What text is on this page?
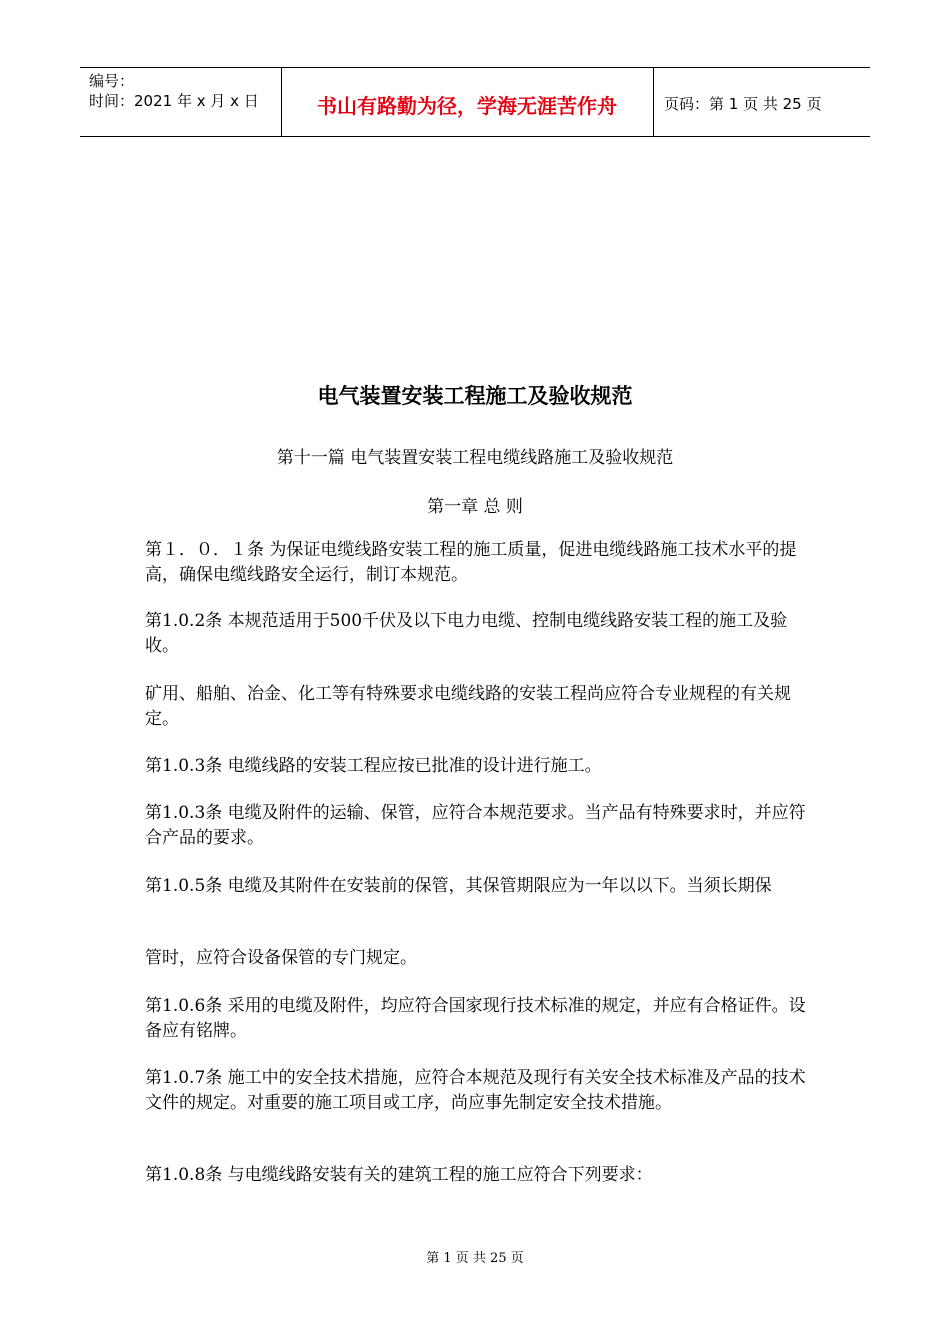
编号：
时间：2021 年 x 月 x 日	书山有路勤为径，学海无涯苦作舟	页码：第 1 页 共 25 页
电气装置安装工程施工及验收规范
第十一篇 电气装置安装工程电缆线路施工及验收规范
第一章 总 则

第１．０．１条 为保证电缆线路安装工程的施工质量，促进电缆线路施工技术水平的提高，确保电缆线路安全运行，制订本规范。

第1.0.2条 本规范适用于500千伏及以下电力电缆、控制电缆线路安装工程的施工及验收。

矿用、船舶、冶金、化工等有特殊要求电缆线路的安装工程尚应符合专业规程的有关规定。

第1.0.3条 电缆线路的安装工程应按已批准的设计进行施工。

第1.0.3条 电缆及附件的运输、保管，应符合本规范要求。当产品有特殊要求时，并应符合产品的要求。

第1.0.5条 电缆及其附件在安装前的保管，其保管期限应为一年以以下。当须长期保

管时，应符合设备保管的专门规定。

第1.0.6条 采用的电缆及附件，均应符合国家现行技术标准的规定，并应有合格证件。设备应有铭牌。

第1.0.7条 施工中的安全技术措施，应符合本规范及现行有关安全技术标准及产品的技术文件的规定。对重要的施工项目或工序，尚应事先制定安全技术措施。

第1.0.8条 与电缆线路安装有关的建筑工程的施工应符合下列要求：

第 1 页 共 25 页
